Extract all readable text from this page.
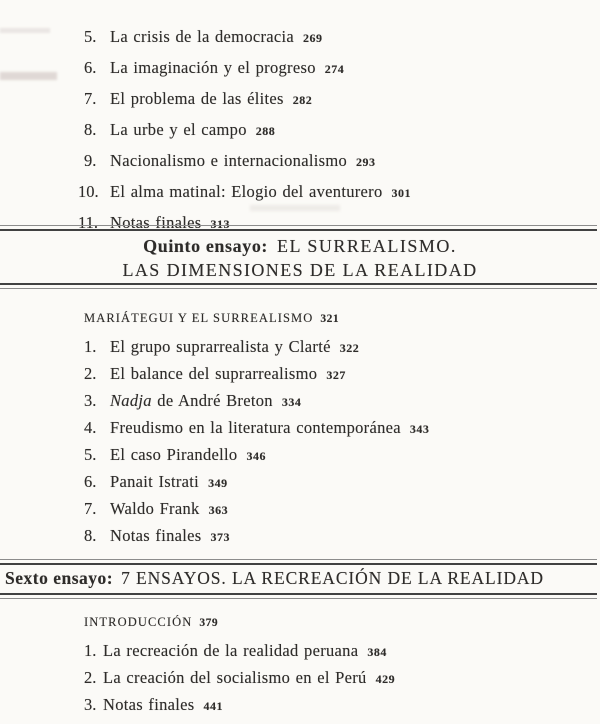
5. La crisis de la democracia 269
6. La imaginación y el progreso 274
7. El problema de las élites 282
8. La urbe y el campo 288
9. Nacionalismo e internacionalismo 293
10. El alma matinal: Elogio del aventurero 301
11. Notas finales 313
Quinto ensayo: EL SURREALISMO.
LAS DIMENSIONES DE LA REALIDAD
MARIÁTEGUI Y EL SURREALISMO 321
1. El grupo suprarrealista y Clarté 322
2. El balance del suprarrealismo 327
3. Nadja de André Breton 334
4. Freudismo en la literatura contemporánea 343
5. El caso Pirandello 346
6. Panait Istrati 349
7. Waldo Frank 363
8. Notas finales 373
Sexto ensayo: 7 ENSAYOS. LA RECREACIÓN DE LA REALIDAD
INTRODUCCIÓN 379
1. La recreación de la realidad peruana 384
2. La creación del socialismo en el Perú 429
3. Notas finales 441
